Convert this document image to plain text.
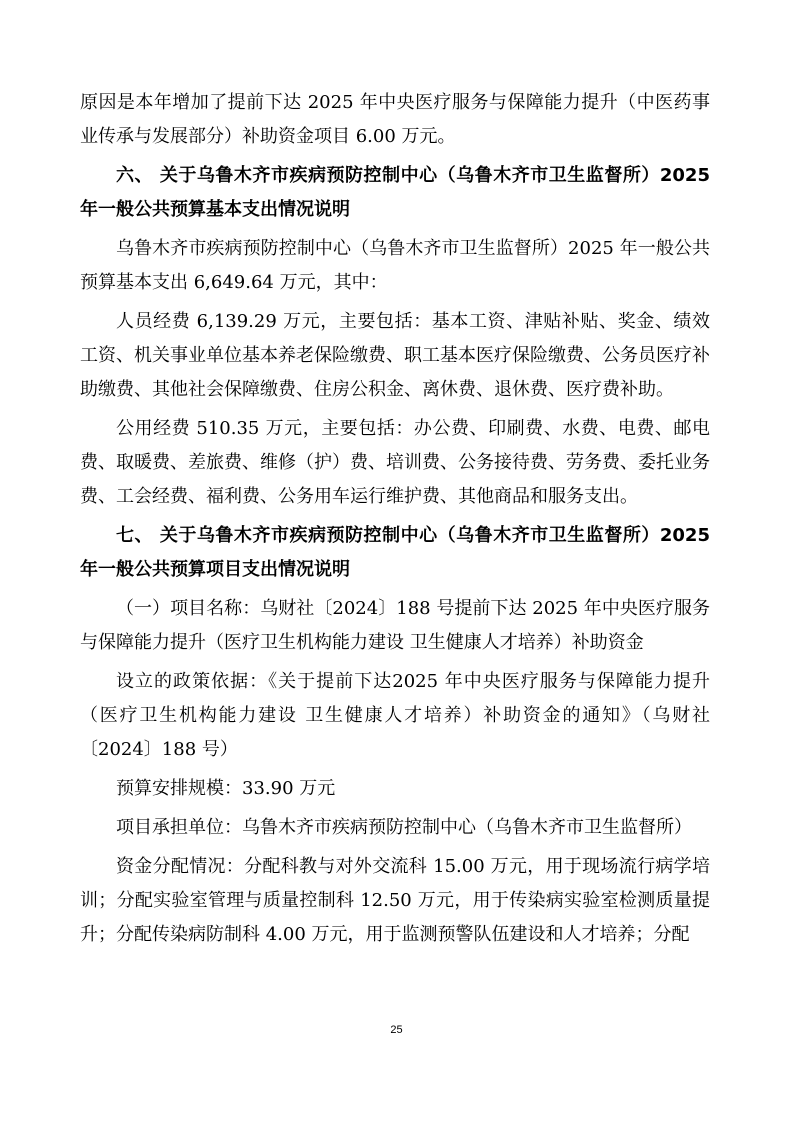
原因是本年增加了提前下达 2025 年中央医疗服务与保障能力提升（中医药事业传承与发展部分）补助资金项目 6.00 万元。

六、 关于乌鲁木齐市疾病预防控制中心（乌鲁木齐市卫生监督所）2025 年一般公共预算基本支出情况说明

乌鲁木齐市疾病预防控制中心（乌鲁木齐市卫生监督所）2025 年一般公共预算基本支出 6,649.64 万元，其中：

人员经费 6,139.29 万元，主要包括：基本工资、津贴补贴、奖金、绩效工资、机关事业单位基本养老保险缴费、职工基本医疗保险缴费、公务员医疗补助缴费、其他社会保障缴费、住房公积金、离休费、退休费、医疗费补助。

公用经费 510.35 万元，主要包括：办公费、印刷费、水费、电费、邮电费、取暖费、差旅费、维修（护）费、培训费、公务接待费、劳务费、委托业务费、工会经费、福利费、公务用车运行维护费、其他商品和服务支出。

七、 关于乌鲁木齐市疾病预防控制中心（乌鲁木齐市卫生监督所）2025 年一般公共预算项目支出情况说明

（一）项目名称：乌财社〔2024〕188 号提前下达 2025 年中央医疗服务与保障能力提升（医疗卫生机构能力建设 卫生健康人才培养）补助资金

设立的政策依据：《关于提前下达2025 年中央医疗服务与保障能力提升（医疗卫生机构能力建设 卫生健康人才培养）补助资金的通知》（乌财社〔2024〕188 号）

预算安排规模：33.90 万元

项目承担单位：乌鲁木齐市疾病预防控制中心（乌鲁木齐市卫生监督所）

资金分配情况：分配科教与对外交流科 15.00 万元，用于现场流行病学培训；分配实验室管理与质量控制科 12.50 万元，用于传染病实验室检测质量提升；分配传染病防制科 4.00 万元，用于监测预警队伍建设和人才培养；分配

25
